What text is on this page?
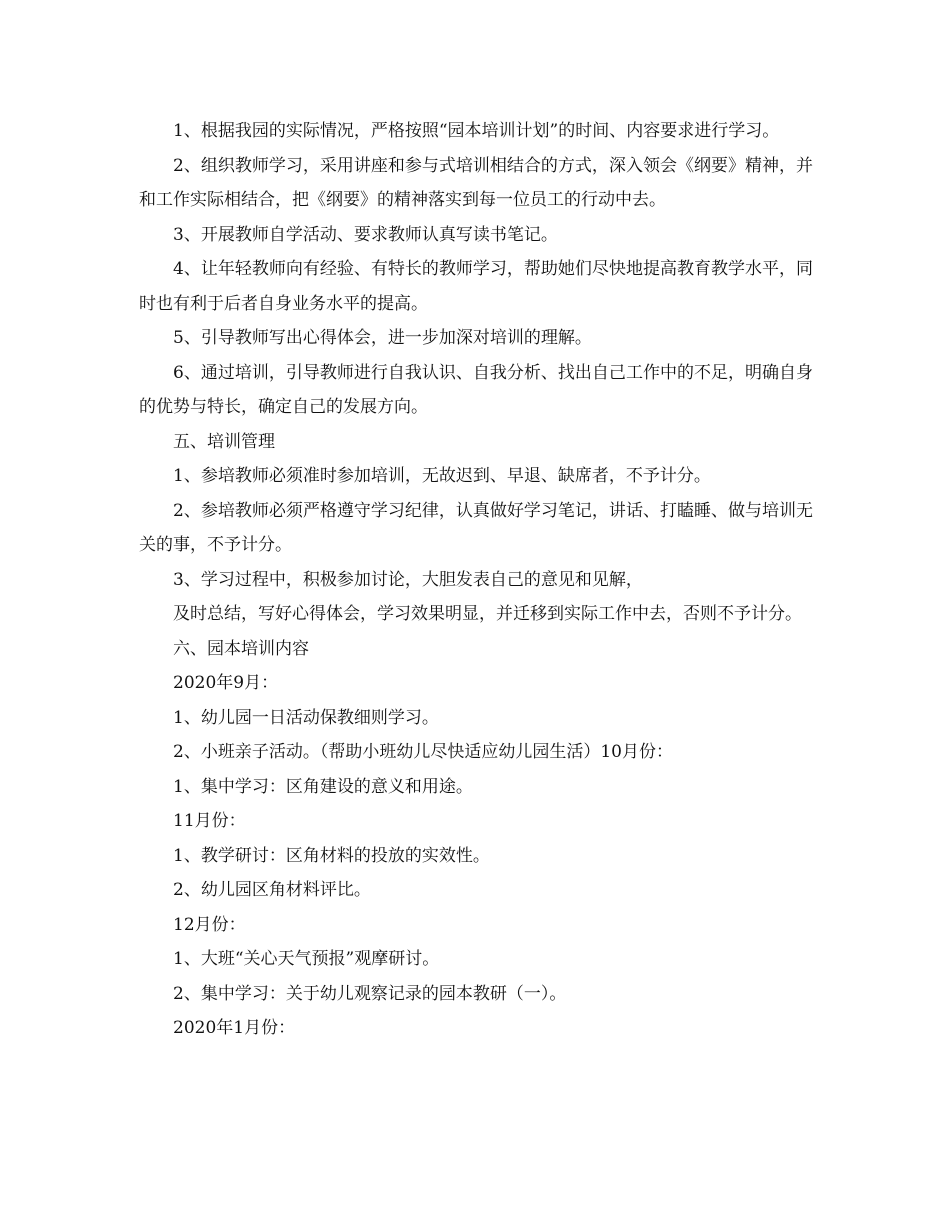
1、根据我园的实际情况，严格按照“园本培训计划”的时间、内容要求进行学习。

2、组织教师学习，采用讲座和参与式培训相结合的方式，深入领会《纲要》精神，并和工作实际相结合，把《纲要》的精神落实到每一位员工的行动中去。

3、开展教师自学活动、要求教师认真写读书笔记。

4、让年轻教师向有经验、有特长的教师学习，帮助她们尽快地提高教育教学水平，同时也有利于后者自身业务水平的提高。

5、引导教师写出心得体会，进一步加深对培训的理解。

6、通过培训，引导教师进行自我认识、自我分析、找出自己工作中的不足，明确自身的优势与特长，确定自己的发展方向。

五、培训管理

1、参培教师必须准时参加培训，无故迟到、早退、缺席者，不予计分。

2、参培教师必须严格遵守学习纪律，认真做好学习笔记，讲话、打瞌睡、做与培训无关的事，不予计分。

3、学习过程中，积极参加讨论，大胆发表自己的意见和见解，

及时总结，写好心得体会，学习效果明显，并迁移到实际工作中去，否则不予计分。

六、园本培训内容

2020年9月：

1、幼儿园一日活动保教细则学习。

2、小班亲子活动。（帮助小班幼儿尽快适应幼儿园生活）10月份：

1、集中学习：区角建设的意义和用途。

11月份：

1、教学研讨：区角材料的投放的实效性。

2、幼儿园区角材料评比。

12月份：

1、大班“关心天气预报”观摩研讨。

2、集中学习：关于幼儿观察记录的园本教研（一）。

2020年1月份：
